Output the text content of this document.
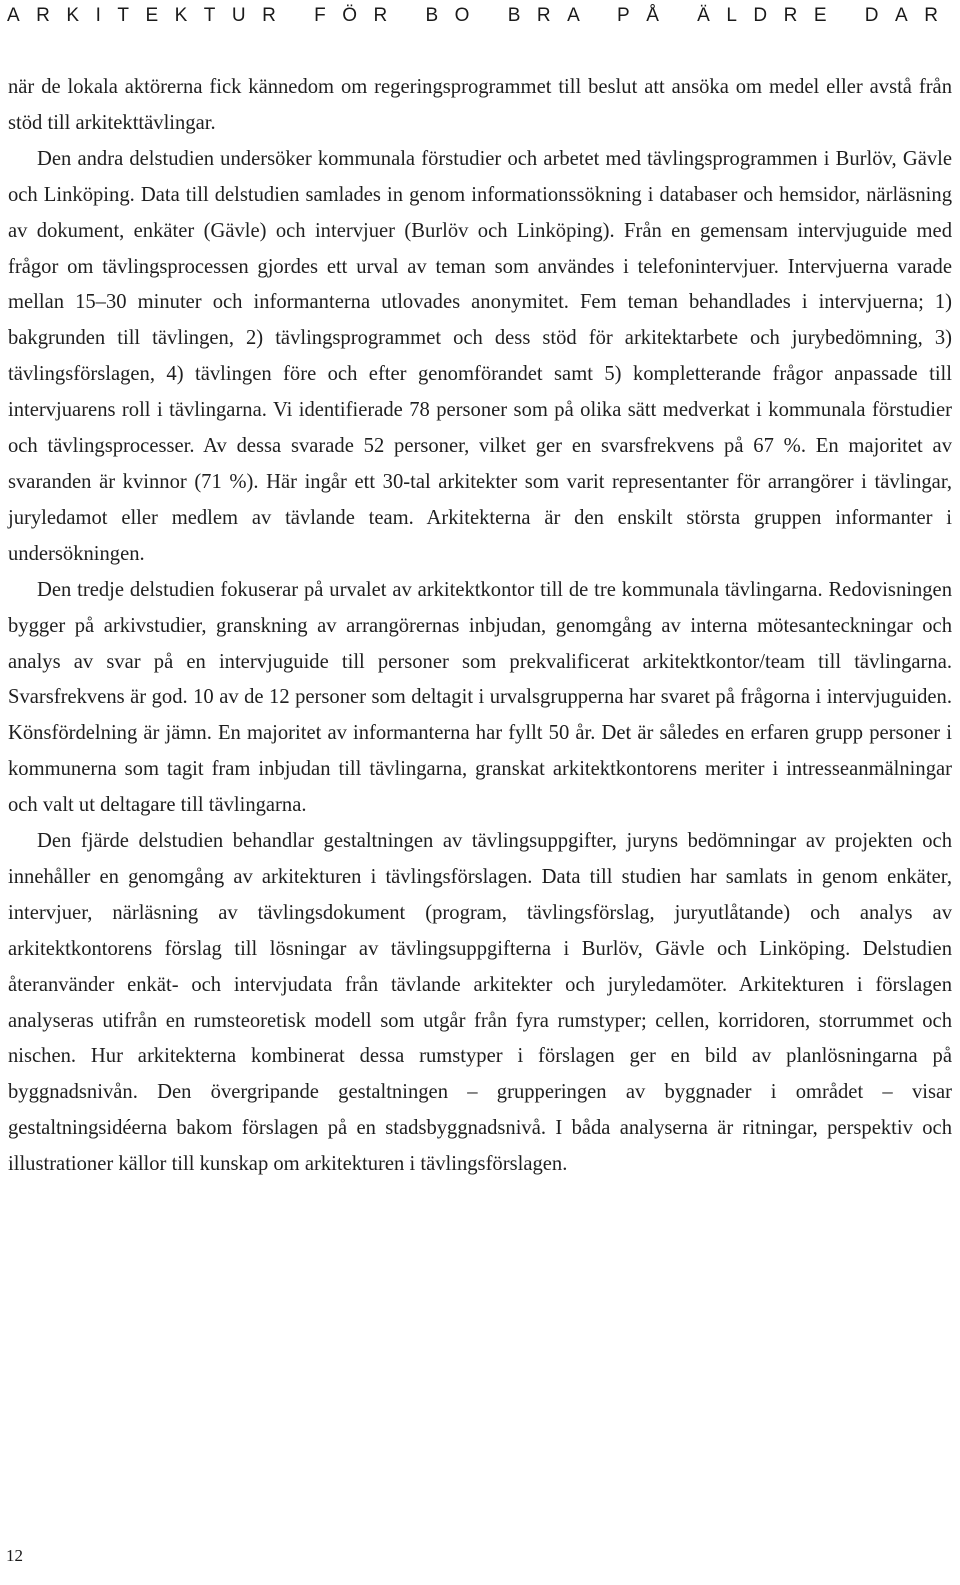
ARKITEKTUR FÖR BO BRA PÅ ÄLDRE DAR

när de lokala aktörerna fick kännedom om regeringsprogrammet till beslut att ansöka om medel eller avstå från stöd till arkitekttävlingar.

Den andra delstudien undersöker kommunala förstudier och arbetet med tävlingsprogrammen i Burlöv, Gävle och Linköping. Data till delstudien samlades in genom informationssökning i databaser och hemsidor, närläsning av dokument, enkäter (Gävle) och intervjuer (Burlöv och Linköping). Från en gemensam intervjuguide med frågor om tävlingsprocessen gjordes ett urval av teman som användes i telefonintervjuer. Intervjuerna varade mellan 15–30 minuter och informanterna utlovades anonymitet. Fem teman behandlades i intervjuerna; 1) bakgrunden till tävlingen, 2) tävlingsprogrammet och dess stöd för arkitektarbete och jurybedömning, 3) tävlingsförslagen, 4) tävlingen före och efter genomförandet samt 5) kompletterande frågor anpassade till intervjuarens roll i tävlingarna. Vi identifierade 78 personer som på olika sätt medverkat i kommunala förstudier och tävlingsprocesser. Av dessa svarade 52 personer, vilket ger en svarsfrekvens på 67 %. En majoritet av svaranden är kvinnor (71 %). Här ingår ett 30-tal arkitekter som varit representanter för arrangörer i tävlingar, juryledamot eller medlem av tävlande team. Arkitekterna är den enskilt största gruppen informanter i undersökningen.

Den tredje delstudien fokuserar på urvalet av arkitektkontor till de tre kommunala tävlingarna. Redovisningen bygger på arkivstudier, granskning av arrangörernas inbjudan, genomgång av interna mötesanteckningar och analys av svar på en intervjuguide till personer som prekvalificerat arkitektkontor/team till tävlingarna. Svarsfrekvens är god. 10 av de 12 personer som deltagit i urvalsgrupperna har svaret på frågorna i intervjuguiden. Könsfördelning är jämn. En majoritet av informanterna har fyllt 50 år. Det är således en erfaren grupp personer i kommunerna som tagit fram inbjudan till tävlingarna, granskat arkitektkontorens meriter i intresseanmälningar och valt ut deltagare till tävlingarna.

Den fjärde delstudien behandlar gestaltningen av tävlingsuppgifter, juryns bedömningar av projekten och innehåller en genomgång av arkitekturen i tävlingsförslagen. Data till studien har samlats in genom enkäter, intervjuer, närläsning av tävlingsdokument (program, tävlingsförslag, juryutlåtande) och analys av arkitektkontorens förslag till lösningar av tävlingsuppgifterna i Burlöv, Gävle och Linköping. Delstudien återanvänder enkät- och intervjudata från tävlande arkitekter och juryledamöter. Arkitekturen i förslagen analyseras utifrån en rumsteoretisk modell som utgår från fyra rumstyper; cellen, korridoren, storrummet och nischen. Hur arkitekterna kombinerat dessa rumstyper i förslagen ger en bild av planlösningarna på byggnadsnivån. Den övergripande gestaltningen – grupperingen av byggnader i området – visar gestaltningsidéerna bakom förslagen på en stadsbyggnadsnivå. I båda analyserna är ritningar, perspektiv och illustrationer källor till kunskap om arkitekturen i tävlingsförslagen.

12
